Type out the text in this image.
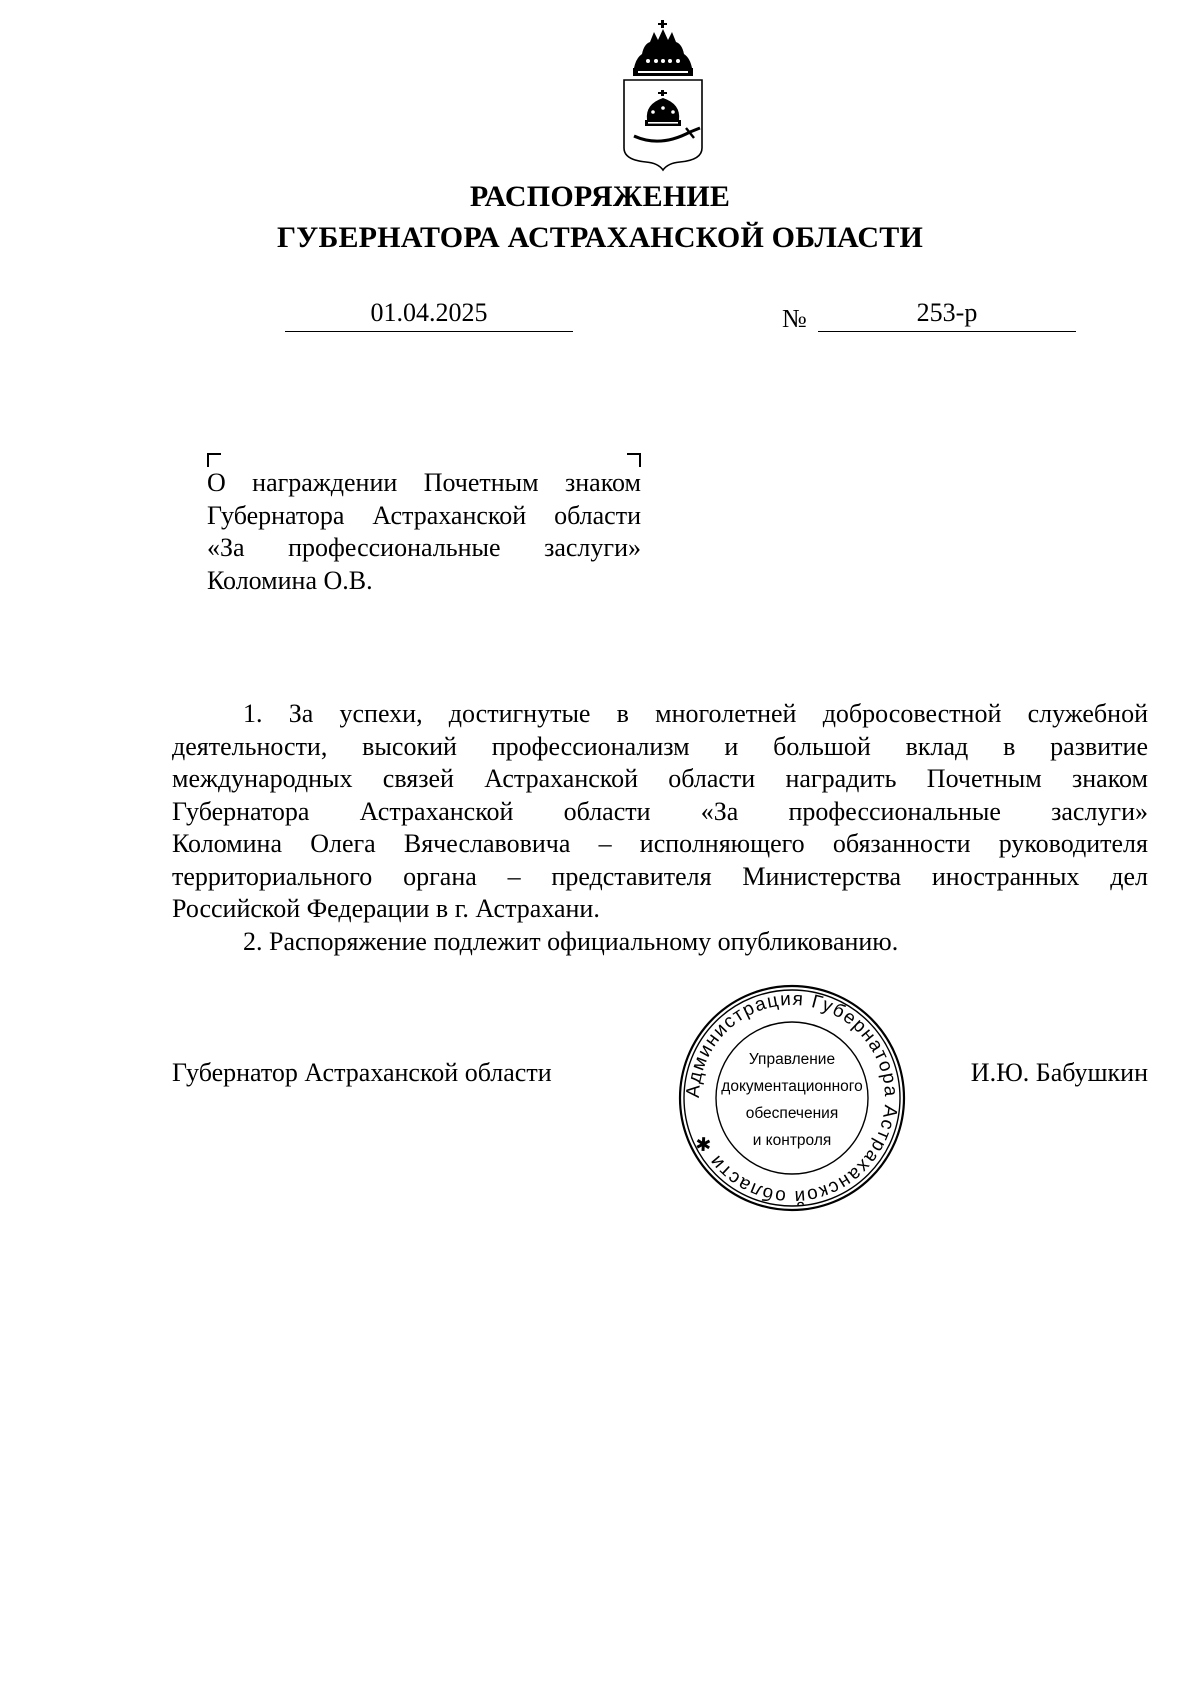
РАСПОРЯЖЕНИЕ
ГУБЕРНАТОРА АСТРАХАНСКОЙ ОБЛАСТИ
01.04.2025	№	253-р
О награждении Почетным знаком
Губернатора Астраханской области
«За профессиональные заслуги»
Коломина О.В.
1. За успехи, достигнутые в многолетней добросовестной служебной
деятельности, высокий профессионализм и большой вклад в развитие
международных связей Астраханской области наградить Почетным знаком
Губернатора Астраханской области «За профессиональные заслуги»
Коломина Олега Вячеславовича – исполняющего обязанности руководителя
территориального органа – представителя Министерства иностранных дел
Российской Федерации в г. Астрахани.
2. Распоряжение подлежит официальному опубликованию.
Губернатор Астраханской области	И.Ю. Бабушкин
Администрация Губернатора Астраханской области ✱
Управление
документационного
обеспечения
и контроля
